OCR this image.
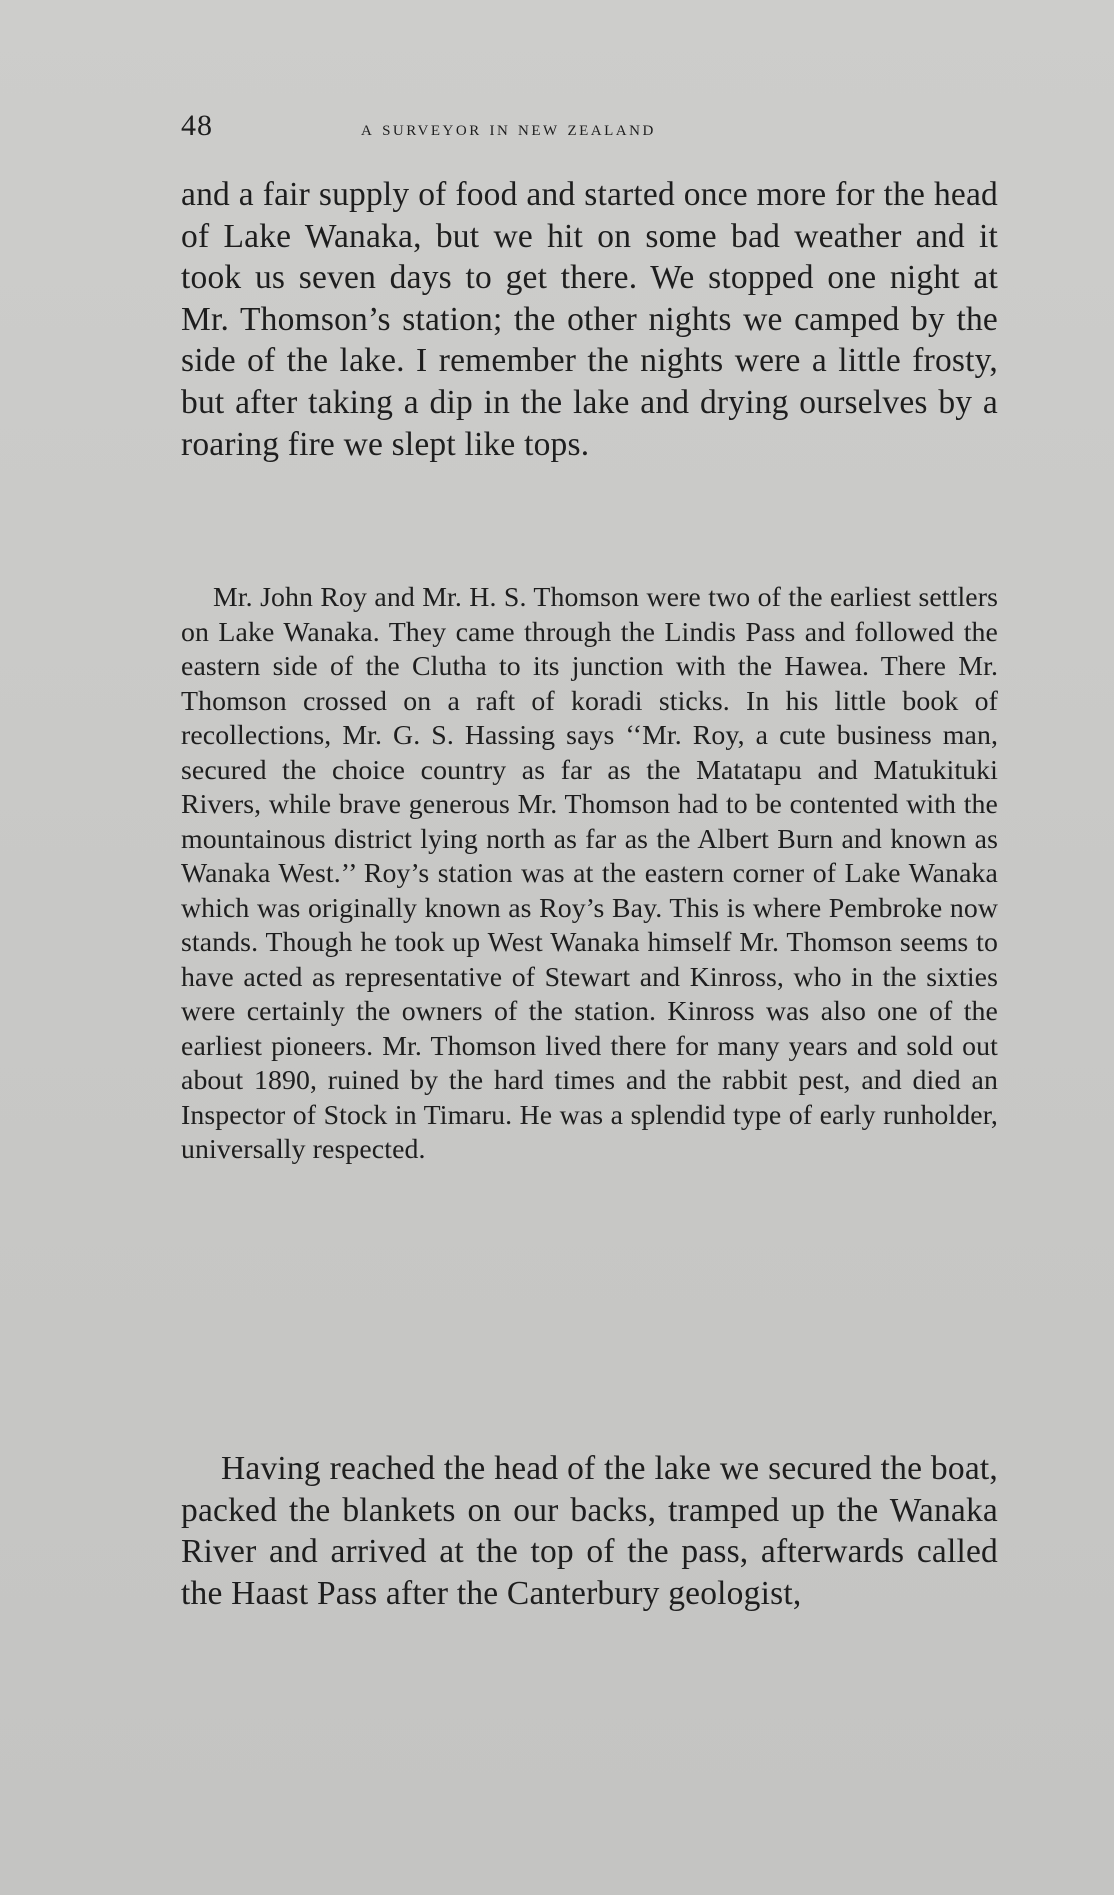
48	a surveyor in new zealand

and a fair supply of food and started once more for the head of Lake Wanaka, but we hit on some bad weather and it took us seven days to get there. We stopped one night at Mr. Thomson’s station; the other nights we camped by the side of the lake. I remember the nights were a little frosty, but after taking a dip in the lake and drying ourselves by a roaring fire we slept like tops.

Mr. John Roy and Mr. H. S. Thomson were two of the earliest settlers on Lake Wanaka. They came through the Lindis Pass and followed the eastern side of the Clutha to its junction with the Hawea. There Mr. Thomson crossed on a raft of koradi sticks. In his little book of recollections, Mr. G. S. Hassing says ‘‘Mr. Roy, a cute business man, secured the choice country as far as the Matatapu and Matukituki Rivers, while brave generous Mr. Thomson had to be contented with the mountainous district lying north as far as the Albert Burn and known as Wanaka West.’’ Roy’s station was at the eastern corner of Lake Wanaka which was originally known as Roy’s Bay. This is where Pembroke now stands. Though he took up West Wanaka himself Mr. Thomson seems to have acted as representative of Stewart and Kinross, who in the sixties were certainly the owners of the station. Kinross was also one of the earliest pioneers. Mr. Thomson lived there for many years and sold out about 1890, ruined by the hard times and the rabbit pest, and died an Inspector of Stock in Timaru. He was a splendid type of early runholder, universally respected.

Having reached the head of the lake we secured the boat, packed the blankets on our backs, tramped up the Wanaka River and arrived at the top of the pass, afterwards called the Haast Pass after the Canterbury geologist,
